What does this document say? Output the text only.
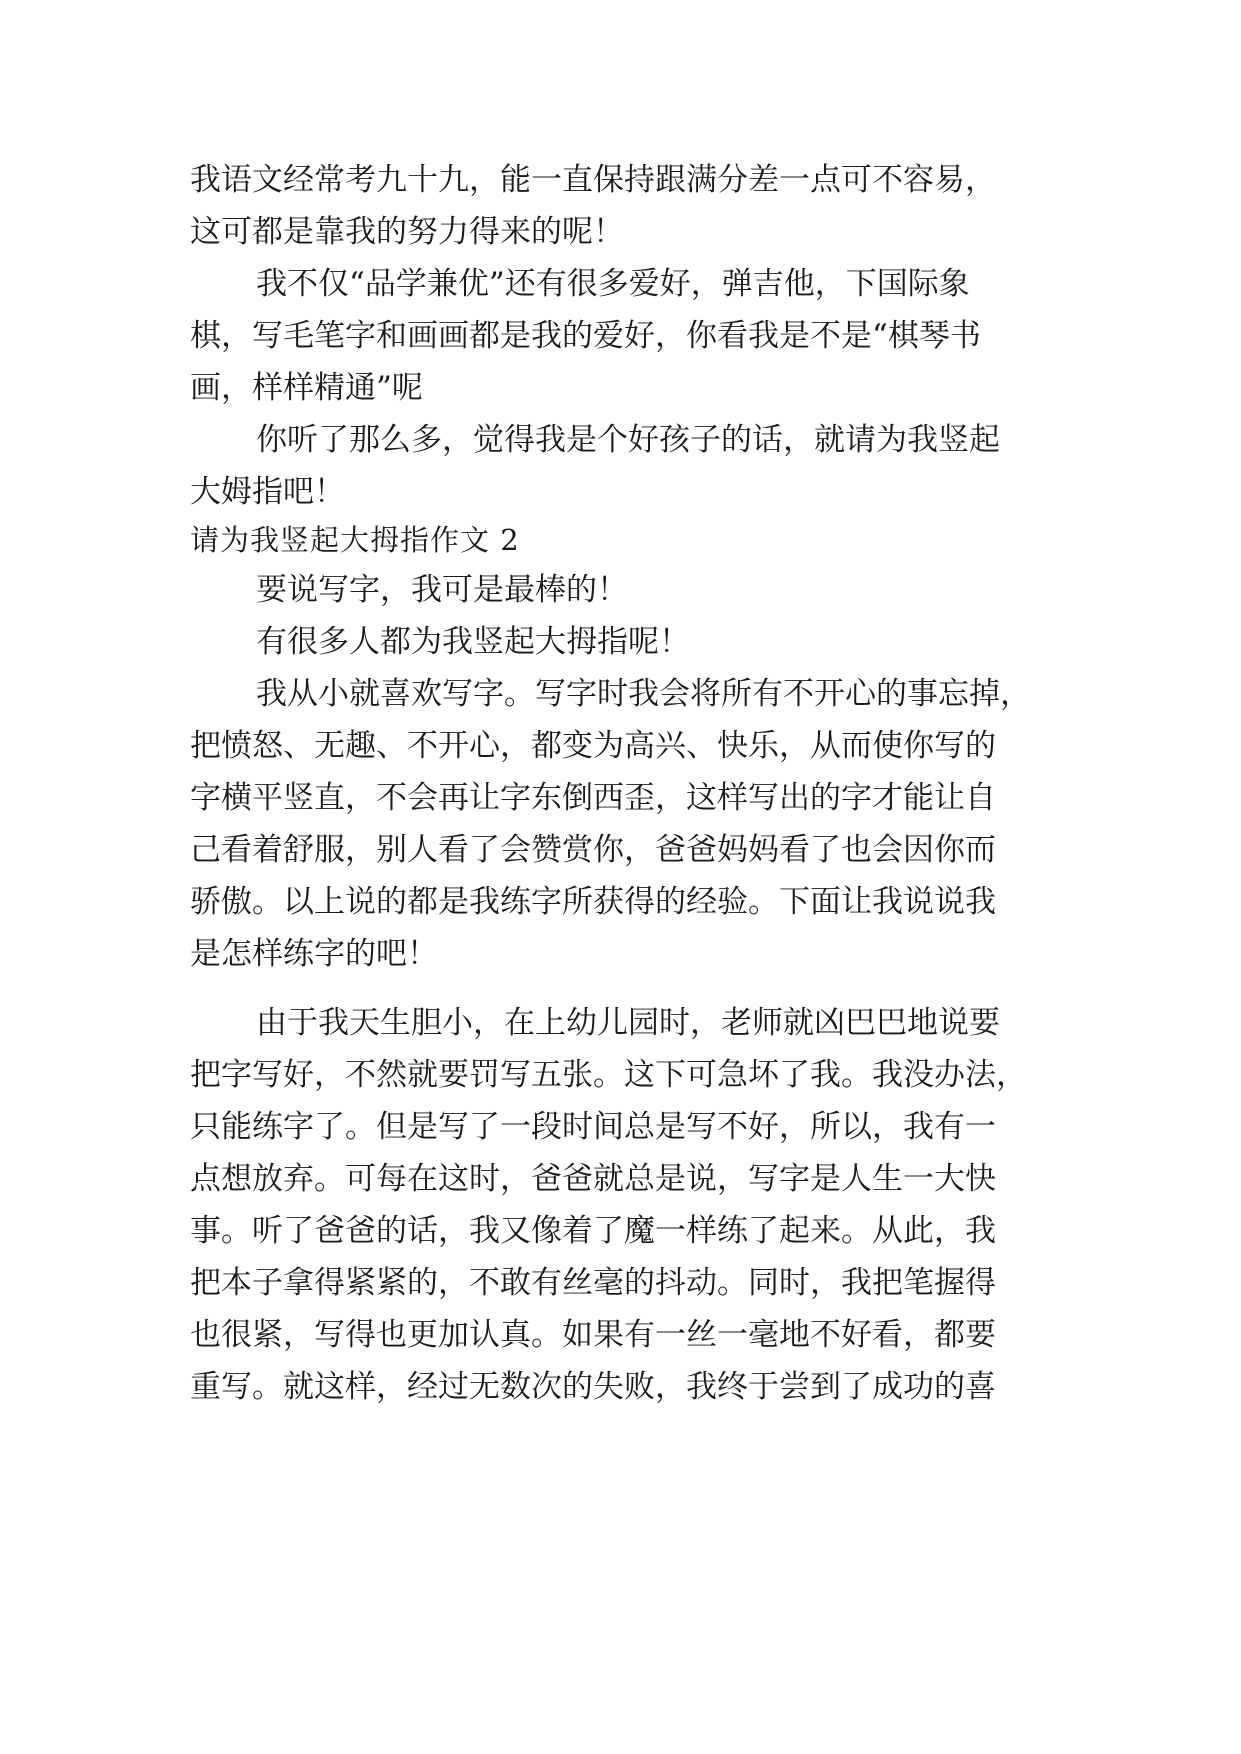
我语文经常考九十九，能一直保持跟满分差一点可不容易，
这可都是靠我的努力得来的呢！
我不仅“品学兼优”还有很多爱好，弹吉他，下国际象
棋，写毛笔字和画画都是我的爱好，你看我是不是“棋琴书
画，样样精通”呢
你听了那么多，觉得我是个好孩子的话，就请为我竖起
大姆指吧！
请为我竖起大拇指作文 2
要说写字，我可是最棒的！
有很多人都为我竖起大拇指呢！
我从小就喜欢写字。写字时我会将所有不开心的事忘掉，
把愤怒、无趣、不开心，都变为高兴、快乐，从而使你写的
字横平竖直，不会再让字东倒西歪，这样写出的字才能让自
己看着舒服，别人看了会赞赏你，爸爸妈妈看了也会因你而
骄傲。以上说的都是我练字所获得的经验。下面让我说说我
是怎样练字的吧！
由于我天生胆小，在上幼儿园时，老师就凶巴巴地说要
把字写好，不然就要罚写五张。这下可急坏了我。我没办法，
只能练字了。但是写了一段时间总是写不好，所以，我有一
点想放弃。可每在这时，爸爸就总是说，写字是人生一大快
事。听了爸爸的话，我又像着了魔一样练了起来。从此，我
把本子拿得紧紧的，不敢有丝毫的抖动。同时，我把笔握得
也很紧，写得也更加认真。如果有一丝一毫地不好看，都要
重写。就这样，经过无数次的失败，我终于尝到了成功的喜
